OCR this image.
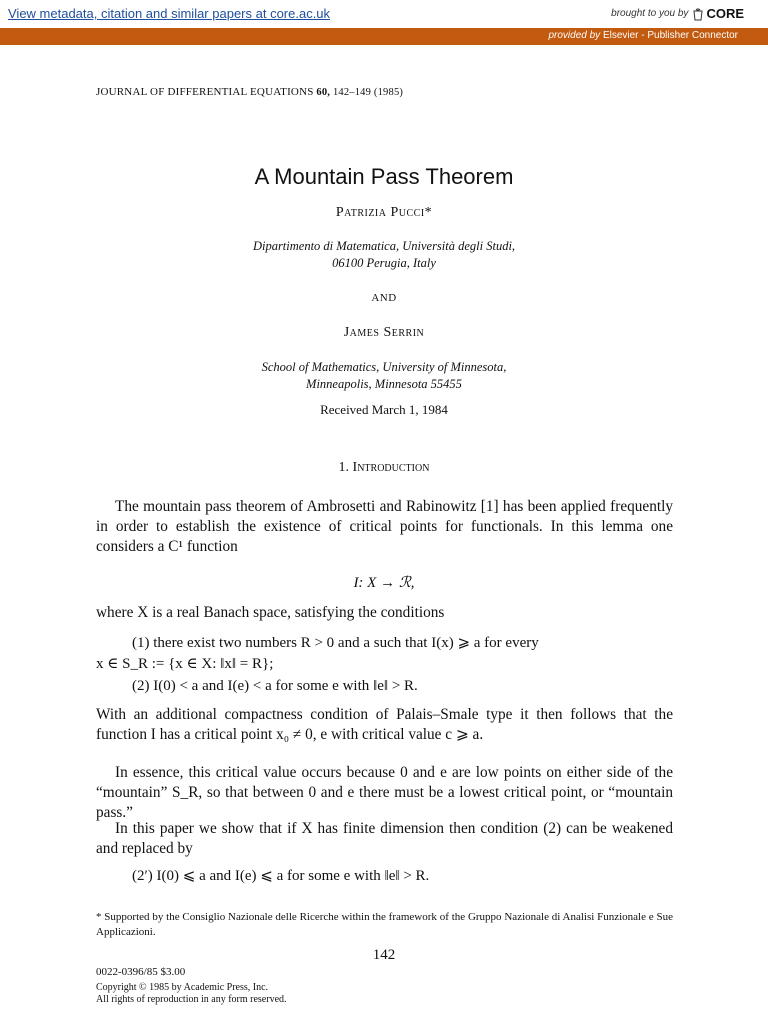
View metadata, citation and similar papers at core.ac.uk	brought to you by CORE
provided by Elsevier - Publisher Connector
JOURNAL OF DIFFERENTIAL EQUATIONS 60, 142–149 (1985)
A Mountain Pass Theorem
Patrizia Pucci*
Dipartimento di Matematica, Università degli Studi,
06100 Perugia, Italy
AND
James Serrin
School of Mathematics, University of Minnesota,
Minneapolis, Minnesota 55455
Received March 1, 1984
1. Introduction
The mountain pass theorem of Ambrosetti and Rabinowitz [1] has been applied frequently in order to establish the existence of critical points for functionals. In this lemma one considers a C¹ function
I: X → ℛ,
where X is a real Banach space, satisfying the conditions
(1) there exist two numbers R > 0 and a such that I(x) ⩾ a for every
x ∈ S_R := {x ∈ X: ‖x‖ = R};
(2) I(0) < a and I(e) < a for some e with ‖e‖ > R.
With an additional compactness condition of Palais–Smale type it then follows that the function I has a critical point x₀ ≠ 0, e with critical value c ⩾ a.
In essence, this critical value occurs because 0 and e are low points on either side of the “mountain” S_R, so that between 0 and e there must be a lowest critical point, or “mountain pass.”
In this paper we show that if X has finite dimension then condition (2) can be weakened and replaced by
(2′) I(0) ⩽ a and I(e) ⩽ a for some e with ‖e‖ > R.
* Supported by the Consiglio Nazionale delle Ricerche within the framework of the Gruppo Nazionale di Analisi Funzionale e Sue Applicazioni.
142
0022-0396/85 $3.00
Copyright © 1985 by Academic Press, Inc.
All rights of reproduction in any form reserved.
